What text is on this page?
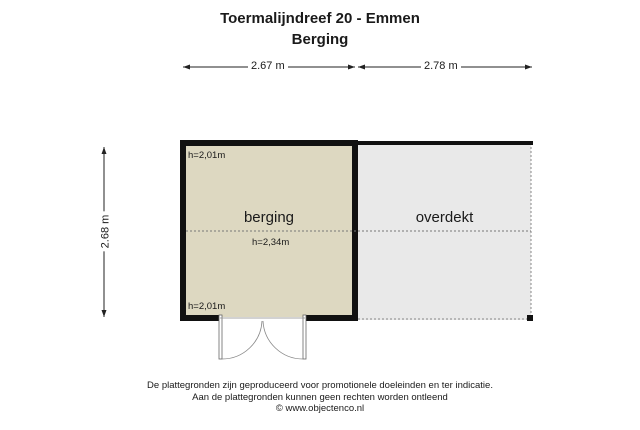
Toermalijndreef 20 - Emmen
Berging
2.67 m	2.78 m
2.68 m	berging	overdekt
h=2,01m
h=2,34m
h=2,01m
De plattegronden zijn geproduceerd voor promotionele doeleinden en ter indicatie.
Aan de plattegronden kunnen geen rechten worden ontleend
© www.objectenco.nl
